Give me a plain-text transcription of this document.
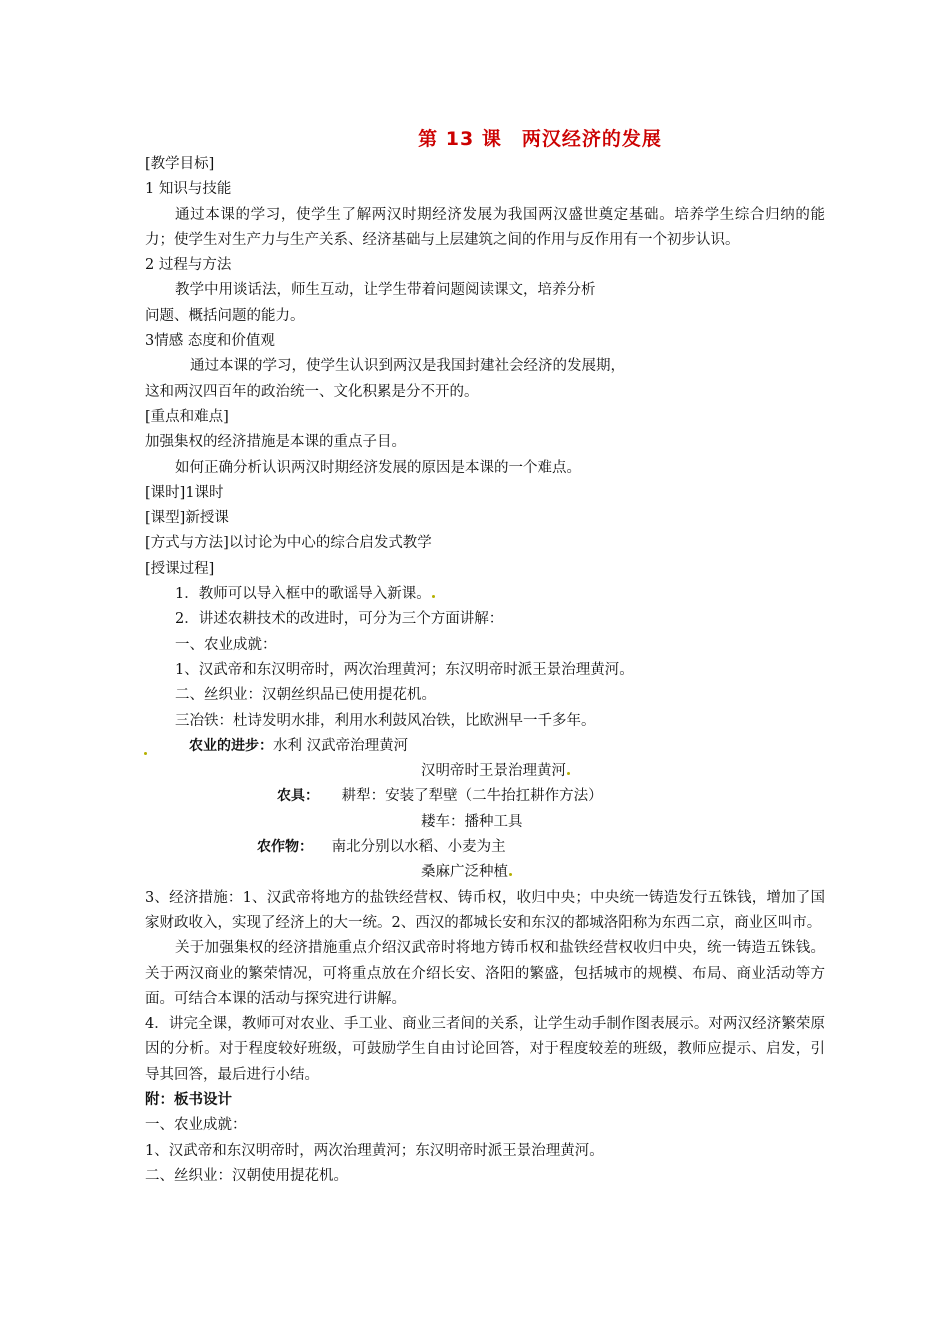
第 13 课　两汉经济的发展
[教学目标]
1 知识与技能
通过本课的学习，使学生了解两汉时期经济发展为我国两汉盛世奠定基础。培养学生综合归纳的能力；使学生对生产力与生产关系、经济基础与上层建筑之间的作用与反作用有一个初步认识。
2 过程与方法
教学中用谈话法，师生互动，让学生带着问题阅读课文，培养分析
问题、概括问题的能力。
3情感 态度和价值观
通过本课的学习，使学生认识到两汉是我国封建社会经济的发展期，
这和两汉四百年的政治统一、文化积累是分不开的。
[重点和难点]
加强集权的经济措施是本课的重点子目。
如何正确分析认识两汉时期经济发展的原因是本课的一个难点。
[课时]1课时
[课型]新授课
[方式与方法]以讨论为中心的综合启发式教学
[授课过程]
1．教师可以导入框中的歌谣导入新课。
2．讲述农耕技术的改进时，可分为三个方面讲解：
一、农业成就：
1、汉武帝和东汉明帝时，两次治理黄河；东汉明帝时派王景治理黄河。
二、丝织业：汉朝丝织品已使用提花机。
三冶铁：杜诗发明水排，利用水利鼓风冶铁，比欧洲早一千多年。
农业的进步：水利 汉武帝治理黄河
汉明帝时王景治理黄河
农具： 耕犁：安装了犁壁（二牛抬扛耕作方法）
耧车：播种工具
农作物： 南北分别以水稻、小麦为主
桑麻广泛种植
3、经济措施：1、汉武帝将地方的盐铁经营权、铸币权，收归中央；中央统一铸造发行五铢钱，增加了国家财政收入，实现了经济上的大一统。2、西汉的都城长安和东汉的都城洛阳称为东西二京，商业区叫市。
关于加强集权的经济措施重点介绍汉武帝时将地方铸币权和盐铁经营权收归中央，统一铸造五铢钱。关于两汉商业的繁荣情况，可将重点放在介绍长安、洛阳的繁盛，包括城市的规模、布局、商业活动等方面。可结合本课的活动与探究进行讲解。
4．讲完全课，教师可对农业、手工业、商业三者间的关系，让学生动手制作图表展示。对两汉经济繁荣原因的分析。对于程度较好班级，可鼓励学生自由讨论回答，对于程度较差的班级，教师应提示、启发，引导其回答，最后进行小结。
附：板书设计
一、农业成就：
1、汉武帝和东汉明帝时，两次治理黄河；东汉明帝时派王景治理黄河。
二、丝织业：汉朝使用提花机。
